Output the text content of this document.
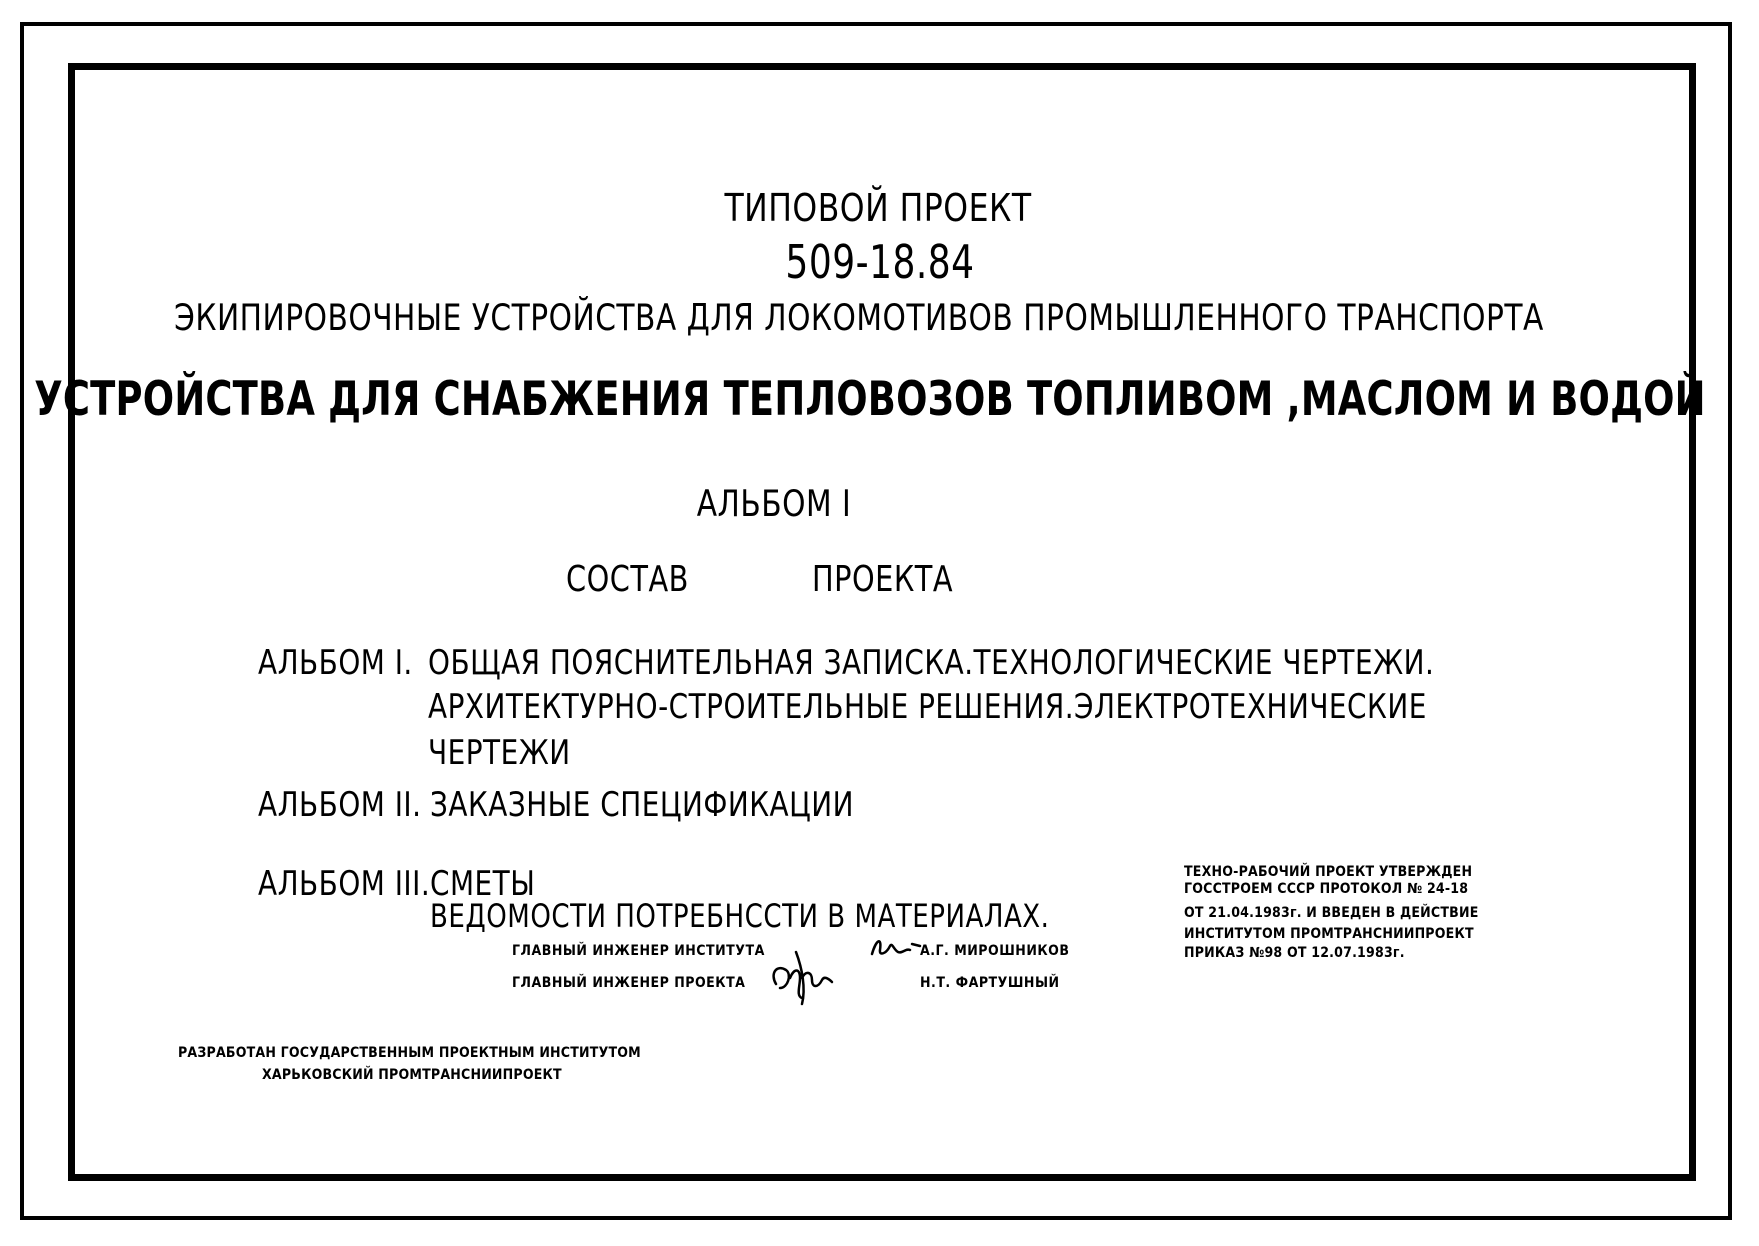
ТИПОВОЙ ПРОЕКТ
509-18.84
ЭКИПИРОВОЧНЫЕ УСТРОЙСТВА ДЛЯ ЛОКОМОТИВОВ ПРОМЫШЛЕННОГО ТРАНСПОРТА
УСТРОЙСТВА ДЛЯ СНАБЖЕНИЯ ТЕПЛОВОЗОВ ТОПЛИВОМ ,МАСЛОМ И ВОДОЙ
АЛЬБОМ I
СОСТАВ	ПРОЕКТА
АЛЬБОМ I. ОБЩАЯ ПОЯСНИТЕЛЬНАЯ ЗАПИСКА.ТЕХНОЛОГИЧЕСКИЕ ЧЕРТЕЖИ.
АРХИТЕКТУРНО-СТРОИТЕЛЬНЫЕ РЕШЕНИЯ.ЭЛЕКТРОТЕХНИЧЕСКИЕ
ЧЕРТЕЖИ
АЛЬБОМ II. ЗАКАЗНЫЕ СПЕЦИФИКАЦИИ
АЛЬБОМ III. СМЕТЫ
ВЕДОМОСТИ ПОТРЕБНССТИ В МАТЕРИАЛАХ.
ТЕХНО-РАБОЧИЙ ПРОЕКТ УТВЕРЖДЕН
ГОССТРОЕМ СССР ПРОТОКОЛ № 24-18
ОТ 21.04.1983г. И ВВЕДЕН В ДЕЙСТВИЕ
ИНСТИТУТОМ ПРОМТРАНСНИИПРОЕКТ
ПРИКАЗ №98 ОТ 12.07.1983г.
ГЛАВНЫЙ ИНЖЕНЕР ИНСТИТУТА	А.Г. МИРОШНИКОВ
ГЛАВНЫЙ ИНЖЕНЕР ПРОЕКТА	Н.Т. ФАРТУШНЫЙ
РАЗРАБОТАН ГОСУДАРСТВЕННЫМ ПРОЕКТНЫМ ИНСТИТУТОМ
ХАРЬКОВСКИЙ ПРОМТРАНСНИИПРОЕКТ
